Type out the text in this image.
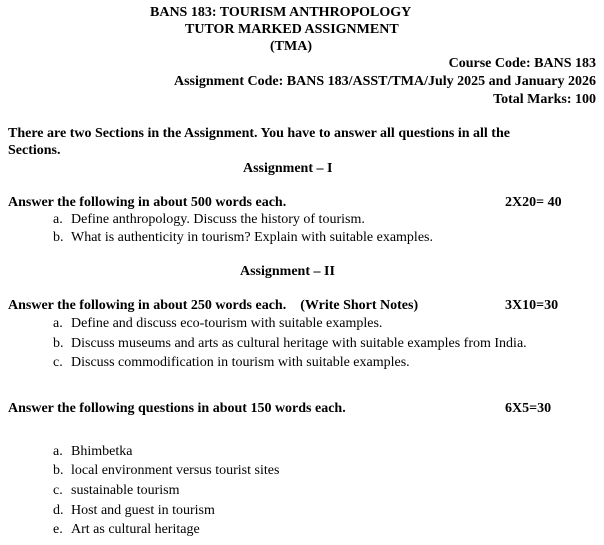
BANS 183: TOURISM ANTHROPOLOGY
TUTOR MARKED ASSIGNMENT
(TMA)
Course Code: BANS 183
Assignment Code: BANS 183/ASST/TMA/July 2025 and January 2026
Total Marks: 100
There are two Sections in the Assignment. You have to answer all questions in all the
Sections.
Assignment – I
Answer the following in about 500 words each.	2X20= 40
a. Define anthropology. Discuss the history of tourism.
b. What is authenticity in tourism? Explain with suitable examples.
Assignment – II
Answer the following in about 250 words each.    (Write Short Notes)	3X10=30
a. Define and discuss eco-tourism with suitable examples.
b. Discuss museums and arts as cultural heritage with suitable examples from India.
c. Discuss commodification in tourism with suitable examples.
Answer the following questions in about 150 words each.	6X5=30
a. Bhimbetka
b. local environment versus tourist sites
c. sustainable tourism
d. Host and guest in tourism
e. Art as cultural heritage
